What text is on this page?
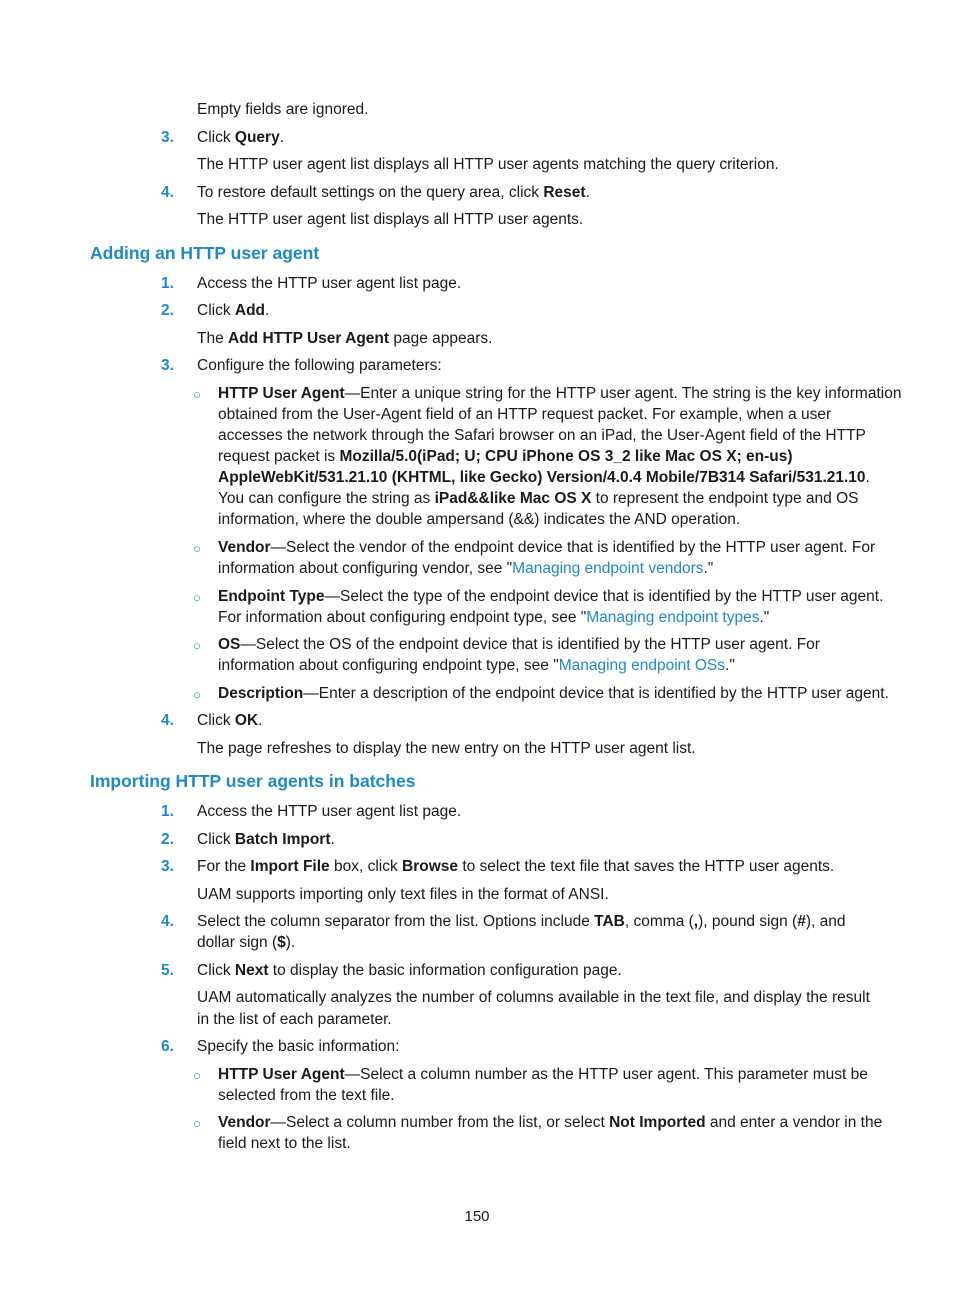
Empty fields are ignored.
3. Click Query.
The HTTP user agent list displays all HTTP user agents matching the query criterion.
4. To restore default settings on the query area, click Reset.
The HTTP user agent list displays all HTTP user agents.
Adding an HTTP user agent
1. Access the HTTP user agent list page.
2. Click Add.
The Add HTTP User Agent page appears.
3. Configure the following parameters:
○ HTTP User Agent—Enter a unique string for the HTTP user agent. The string is the key information
obtained from the User-Agent field of an HTTP request packet. For example, when a user
accesses the network through the Safari browser on an iPad, the User-Agent field of the HTTP
request packet is Mozilla/5.0(iPad; U; CPU iPhone OS 3_2 like Mac OS X; en-us)
AppleWebKit/531.21.10 (KHTML, like Gecko) Version/4.0.4 Mobile/7B314 Safari/531.21.10.
You can configure the string as iPad&&like Mac OS X to represent the endpoint type and OS
information, where the double ampersand (&&) indicates the AND operation.
○ Vendor—Select the vendor of the endpoint device that is identified by the HTTP user agent. For
information about configuring vendor, see "Managing endpoint vendors."
○ Endpoint Type—Select the type of the endpoint device that is identified by the HTTP user agent.
For information about configuring endpoint type, see "Managing endpoint types."
○ OS—Select the OS of the endpoint device that is identified by the HTTP user agent. For
information about configuring endpoint type, see "Managing endpoint OSs."
○ Description—Enter a description of the endpoint device that is identified by the HTTP user agent.
4. Click OK.
The page refreshes to display the new entry on the HTTP user agent list.
Importing HTTP user agents in batches
1. Access the HTTP user agent list page.
2. Click Batch Import.
3. For the Import File box, click Browse to select the text file that saves the HTTP user agents.
UAM supports importing only text files in the format of ANSI.
4. Select the column separator from the list. Options include TAB, comma (,), pound sign (#), and
dollar sign ($).
5. Click Next to display the basic information configuration page.
UAM automatically analyzes the number of columns available in the text file, and display the result
in the list of each parameter.
6. Specify the basic information:
○ HTTP User Agent—Select a column number as the HTTP user agent. This parameter must be
selected from the text file.
○ Vendor—Select a column number from the list, or select Not Imported and enter a vendor in the
field next to the list.
150
